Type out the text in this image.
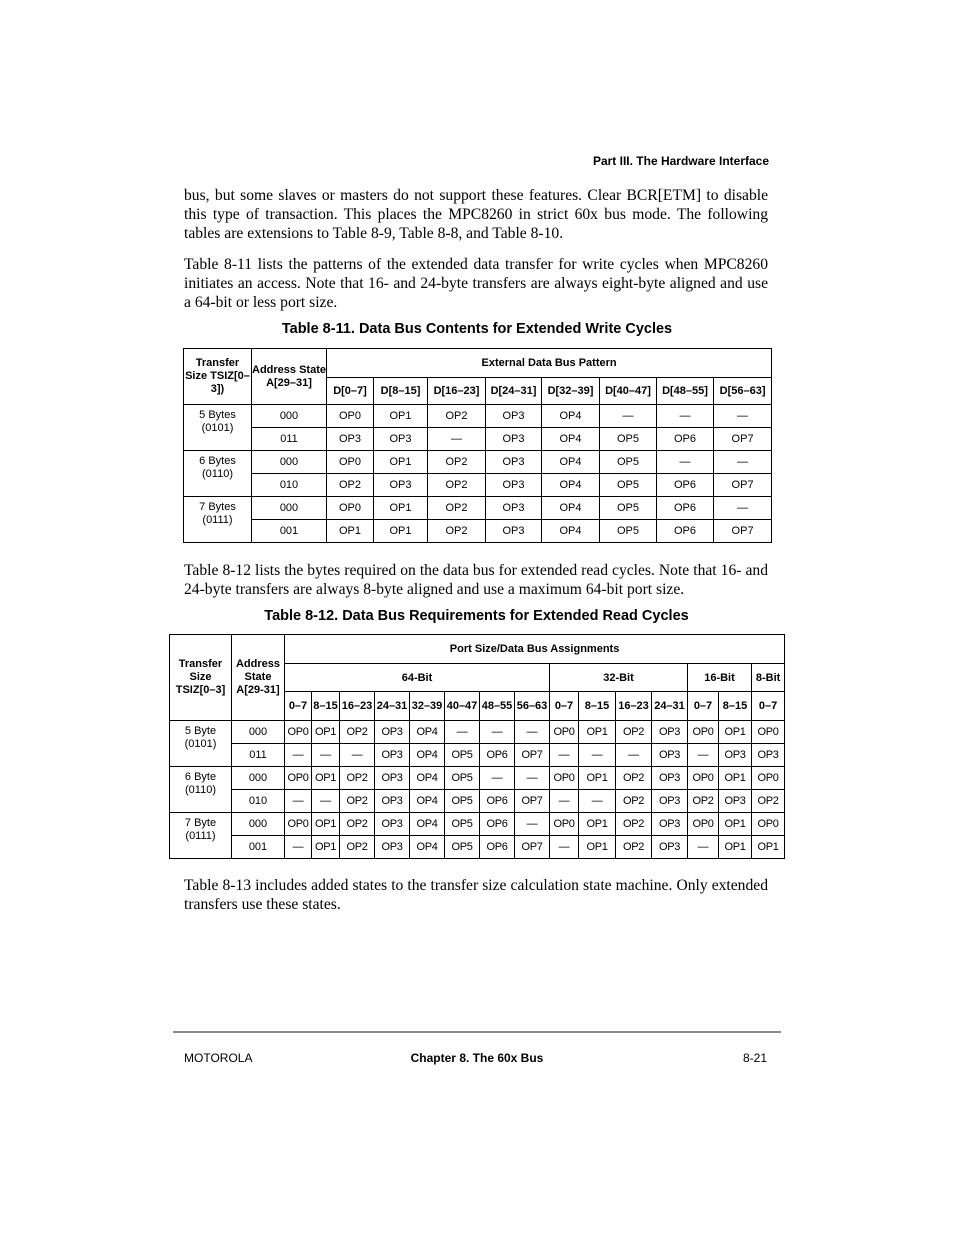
Part III. The Hardware Interface

bus, but some slaves or masters do not support these features. Clear BCR[ETM] to disable this type of transaction. This places the MPC8260 in strict 60x bus mode. The following tables are extensions to Table 8-9, Table 8-8, and Table 8-10.

Table 8-11 lists the patterns of the extended data transfer for write cycles when MPC8260 initiates an access. Note that 16- and 24-byte transfers are always eight-byte aligned and use a 64-bit or less port size.

Table 8-11. Data Bus Contents for Extended Write Cycles
Transfer Size TSIZ[0–3])	Address State A[29–31]	External Data Bus Pattern							
		D[0–7]	D[8–15]	D[16–23]	D[24–31]	D[32–39]	D[40–47]	D[48–55]	D[56–63]

5 Bytes
(0101)	000	OP0	OP1	OP2	OP3	OP4	—	—	—
	011	OP3	OP3	—	OP3	OP4	OP5	OP6	OP7

6 Bytes
(0110)	000	OP0	OP1	OP2	OP3	OP4	OP5	—	—
	010	OP2	OP3	OP2	OP3	OP4	OP5	OP6	OP7

7 Bytes
(0111)	000	OP0	OP1	OP2	OP3	OP4	OP5	OP6	—
	001	OP1	OP1	OP2	OP3	OP4	OP5	OP6	OP7

Table 8-12 lists the bytes required on the data bus for extended read cycles. Note that 16- and 24-byte transfers are always 8-byte aligned and use a maximum 64-bit port size.

Table 8-12. Data Bus Requirements for Extended Read Cycles
Transfer Size TSIZ[0–3]	Address State A[29-31]	Port Size/Data Bus Assignments														
		64-Bit								32-Bit				16-Bit		8-Bit
		0–7	8–15	16–23	24–31	32–39	40–47	48–55	56–63	0–7	8–15	16–23	24–31	0–7	8–15	0–7

5 Byte
(0101)	000	OP0	OP1	OP2	OP3	OP4	—	—	—	OP0	OP1	OP2	OP3	OP0	OP1	OP0
	011	—	—	—	OP3	OP4	OP5	OP6	OP7	—	—	—	OP3	—	OP3	OP3

6 Byte
(0110)	000	OP0	OP1	OP2	OP3	OP4	OP5	—	—	OP0	OP1	OP2	OP3	OP0	OP1	OP0
	010	—	—	OP2	OP3	OP4	OP5	OP6	OP7	—	—	OP2	OP3	OP2	OP3	OP2

7 Byte
(0111)	000	OP0	OP1	OP2	OP3	OP4	OP5	OP6	—	OP0	OP1	OP2	OP3	OP0	OP1	OP0
	001	—	OP1	OP2	OP3	OP4	OP5	OP6	OP7	—	OP1	OP2	OP3	—	OP1	OP1

Table 8-13 includes added states to the transfer size calculation state machine. Only extended transfers use these states.

MOTOROLA	Chapter 8. The 60x Bus	8-21
